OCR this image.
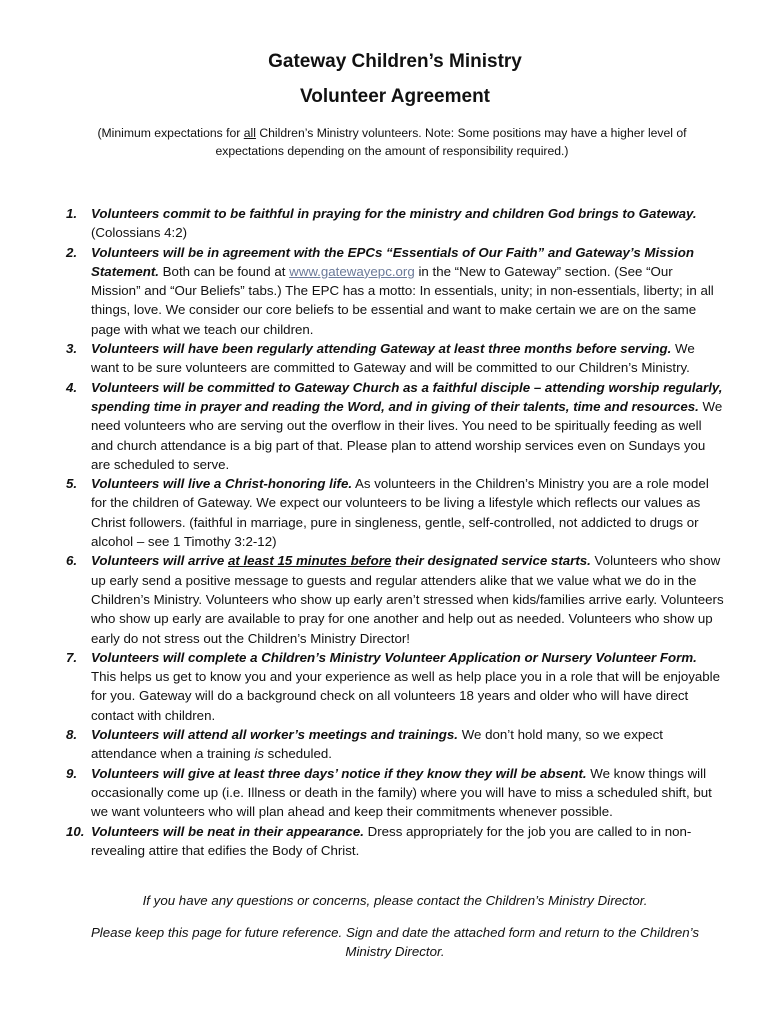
Gateway Children’s Ministry
Volunteer Agreement

(Minimum expectations for all Children’s Ministry volunteers. Note: Some positions may have a higher level of expectations depending on the amount of responsibility required.)

1. Volunteers commit to be faithful in praying for the ministry and children God brings to Gateway. (Colossians 4:2)
2. Volunteers will be in agreement with the EPCs “Essentials of Our Faith” and Gateway’s Mission Statement. Both can be found at www.gatewayepc.org in the “New to Gateway” section. (See “Our Mission” and “Our Beliefs” tabs.) The EPC has a motto: In essentials, unity; in non-essentials, liberty; in all things, love. We consider our core beliefs to be essential and want to make certain we are on the same page with what we teach our children.
3. Volunteers will have been regularly attending Gateway at least three months before serving. We want to be sure volunteers are committed to Gateway and will be committed to our Children’s Ministry.
4. Volunteers will be committed to Gateway Church as a faithful disciple – attending worship regularly, spending time in prayer and reading the Word, and in giving of their talents, time and resources. We need volunteers who are serving out the overflow in their lives. You need to be spiritually feeding as well and church attendance is a big part of that. Please plan to attend worship services even on Sundays you are scheduled to serve.
5. Volunteers will live a Christ-honoring life. As volunteers in the Children’s Ministry you are a role model for the children of Gateway. We expect our volunteers to be living a lifestyle which reflects our values as Christ followers. (faithful in marriage, pure in singleness, gentle, self-controlled, not addicted to drugs or alcohol – see 1 Timothy 3:2-12)
6. Volunteers will arrive at least 15 minutes before their designated service starts. Volunteers who show up early send a positive message to guests and regular attenders alike that we value what we do in the Children’s Ministry. Volunteers who show up early aren’t stressed when kids/families arrive early. Volunteers who show up early are available to pray for one another and help out as needed. Volunteers who show up early do not stress out the Children’s Ministry Director!
7. Volunteers will complete a Children’s Ministry Volunteer Application or Nursery Volunteer Form. This helps us get to know you and your experience as well as help place you in a role that will be enjoyable for you. Gateway will do a background check on all volunteers 18 years and older who will have direct contact with children.
8. Volunteers will attend all worker’s meetings and trainings. We don’t hold many, so we expect attendance when a training is scheduled.
9. Volunteers will give at least three days’ notice if they know they will be absent. We know things will occasionally come up (i.e. Illness or death in the family) where you will have to miss a scheduled shift, but we want volunteers who will plan ahead and keep their commitments whenever possible.
10. Volunteers will be neat in their appearance. Dress appropriately for the job you are called to in non-revealing attire that edifies the Body of Christ.

If you have any questions or concerns, please contact the Children’s Ministry Director.

Please keep this page for future reference. Sign and date the attached form and return to the Children’s Ministry Director.
